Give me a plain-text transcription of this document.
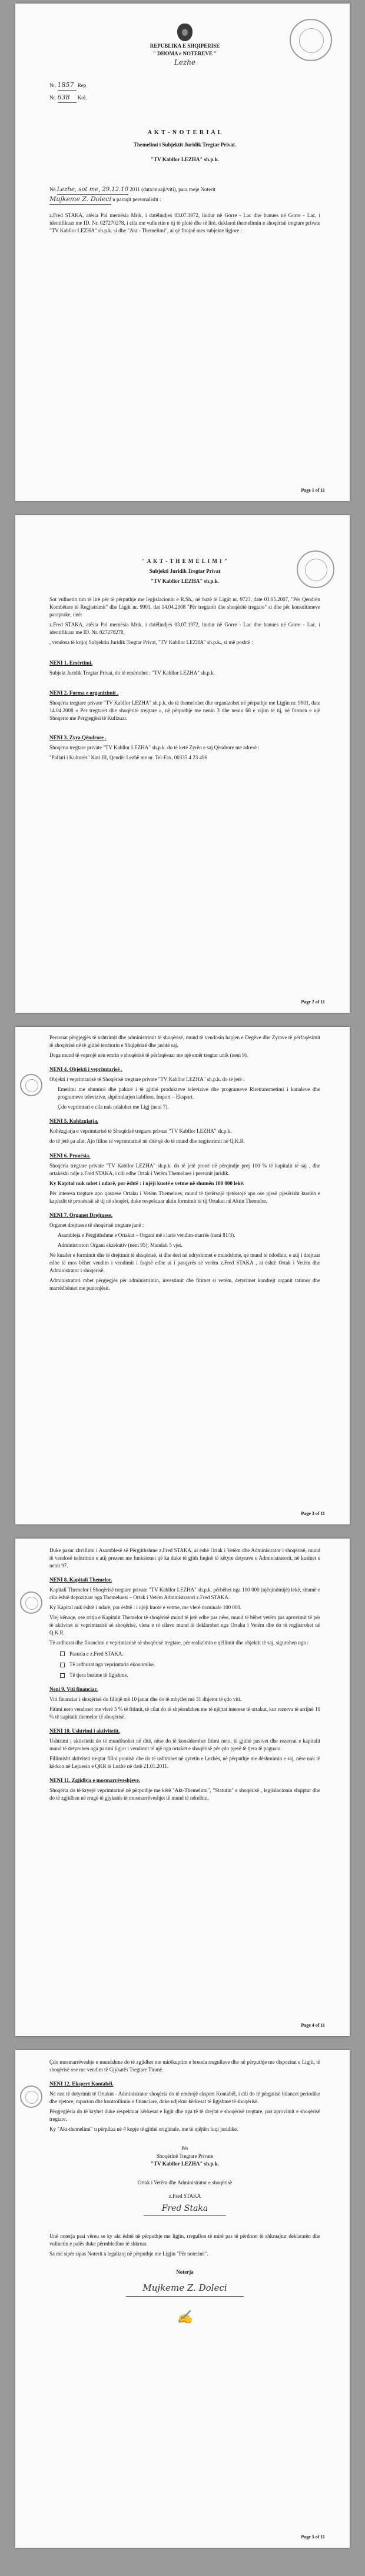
REPUBLIKA E SHQIPERISE
" DHOMA e NOTEREVE "
Lezhe
Nr. 1857 Rep
Nr. 638 Kol.
A K T - N O T E R I A L
Themelimi i Subjektit Juridik Tregtar Privat.
"TV Kabllor LEZHA" sh.p.k.
Në Lezhe, sot me, 29.12.10 2011 (data/muaji/viti), para meje Noterit
Mujkeme Z. Doleci u paraqit personalisht :
z.Fred STAKA, atësia Pal memësia Mrik, i datëlindjes 03.07.1972, lindur në Gorre - Lac dhe banues në Gorre - Lac, i identifikuar me ID. Nr. 027270278, i cila me vullnetin e tij të plotë dhe të lirë, deklaroi themelimin e shoqërisë tregtare private "TV Kabllor LEZHA" sh.p.k. si dhe "Akt - Themelimi", ai që fitojnë mes subjekte ligjore :
Page 1 of 11
" A K T - T H E M E L I M I "
Subjekti Juridik Tregtar Privat
"TV Kabllor LEZHA" sh.p.k.
Sot vullnetin tim të lirë për të përputhje me legjislacionin e R.Sh., në bazë të Ligjit nr. 9723, date 03.05.2007, "Për Qendrën Kombëtare të Regjistrimit" dhe Ligjit nr. 9901, dat 14.04.2008 "Për tregtarët dhe shoqëritë tregtare" si dhe për konsultimeve paraprake, unë:
z.Fred STAKA, atësia Pal memësia Mrik, i datëlindjes 03.07.1972, lindur në Gorre - Lac dhe banues në Gorre - Lac, i identifikuar me ID. Nr. 027270278,
, vendosa të krijoj Subjektin Juridik Tregtar Privat, "TV Kabllor LEZHA" sh.p.k., si më poshtë :
NENI 1. Emërtimi.
Subjekt Juridik Tregtar Privat, do të emërtohet : "TV Kabllor LEZHA" sh.p.k.
NENI 2. Forma e organizimit .
Shoqëria tregtare private "TV Kabllor LEZHA" sh.p.k. do të themelohet dhe organizohet në përputhje me Ligjin nr. 9901, date 14.04.2008 « Për tregtarët dhe shoqëritë tregtare », në përputhje me nenin 3 dhe nenin 68 e vijim të tij, në formën e një Shoqërie me Përgjegjësi të Kufizuar.
NENI 3. Zyra Qëndrore .
Shoqëria tregtare private "TV Kabllor LEZHA" sh.p.k. do të ketë Zyrën e saj Qëndrore me adresë :
"Pallati i Kulturës" Kati III, Qendër Lezhë me nr. Tel-Fax, 00335 4 23 496
Page 2 of 11
Personat përgjegjës të ushtrimit dhe administrimit të shoqërisë, mund të vendosin hapjen e Degëve dhe Zyrave të përfaqësimit të shoqërisë në të gjithë territorin e Shqipërisë dhe jashtë saj.
Dega mund të veprojë nën emrin e shoqërisë të përfaqësuar me një emër tregtar unik (neni 9).
NENI 4. Objekti i veprimtarisë .
Objekti i veprimtarisë të Shoqërisë tregtare private "TV Kabllor LEZHA" sh.p.k. do të jetë :
Emetimi me shumicë dhe pakicë i të gjithë produkteve televizive dhe programeve Riretransmetimi i kanaleve dhe programeve televizive, shpërndarjen kabllore. Import – Eksport.
Çdo veprimtari e cila nuk ndalohet me Ligj (neni 7).
NENI 5. Kohëzgjatja.
Kohëzgjatja e veprimtarisë të Shoqërisë tregtare private "TV Kabllor LEZHA" sh.p.k.
do të jetë pa afat. Ajo fillon të veprimtarinë në ditë që do të mund dhe regjistrimit në Q.K.R.
NENI 6. Pronësia.
Shoqëria tregtare private "TV Kabllor LEZHA" sh.p.k. do të jetë pronë në përqindje prej 100 % të kapitalit të saj , dhe ortakëshi ndje z.Fred STAKA, i cili edhe Ortak i Vetëm Themelues i personit juridik.
Ky Kapital nuk mbet i ndarë, por është : i njëji kuotë e vetme në shumën 100 000 lekë.
Për interesa tregtare apo qasuese Ortaku i Vetëm Themelues, mund të tjetërsojë tjetërsojë apo ose pjesë pjesërisht kuotën e kapitalit të pronësisë së tij në shoqëri, duke respektuar aktin formimit të tij Ortakut në Aktin Themelor.
NENI 7. Organet Drejtuese.
Organet drejtuese të shoqërisë tregtare janë :
Asambleja e Përgjithshme e Ortakut – Organi më i lartë vendim-marrës (neni 81/3).
Administratori Organi ekzekutiv (neni 95); Mandati 5 vjet.
Në kuadër e formimit dhe të drejtimit të shoqërisë, si dhe deri në ndryshimet e mundshme, që mund të ndodhin, e atij i drejtuar edhe të mos bëhet vendim i vendimit i fuqisë edhe ai i pasqyrës së vetëm z.Fred STAKA , ai është Ortak i Vetëm dhe Administrator i shoqërisë.
Administratori mbet përgjegjës për administrimin, investimit dhe fitimet si vetëm, detyrimet kundrejt organit tatimor dhe marrëdhëniet me punonjësit.
Page 3 of 11
Duke pasur zhvillimi i Asamblesë së Përgjithshme z.Fred STAKA, ai ëshë Ortak i Vetëm dhe Administrator i shoqërisë, mund të vendosë ushtrimin e atij prezent me funksionet që ka duke të gjith fuqinë të këtyre detyrave e Administratorit, në kushtet e nenit 97.
NENI 8. Kapitali Themelor.
Kapitali Themelor i Shoqërisë tregtare private "TV Kabllor LEZHA" sh.p.k. përbëhet nga 100 000 (njëqindmijë) lekë, shumë e cila është depozituar nga Themeluesi – Ortak i Vetëm Administratori z.Fred STAKA .
Ky Kapital nuk është i ndarë, por është : i njëji kuotë e vetme, me vlerë nominale 100 000.
Vlej kënaqe, ose rritja e Kapitalit Themelor të shoqërisë mund të jetë edhe pas nëse, mund të bëhet vetëm pas aprovimit të për të aktivitet të veprimtarisë së shoqërisë, vlera e të cilave mund të deklarohet nga Ortaku i Vetëm dhe do të regjistrohet në Q.K.R.
Të ardhurat dhe financimi e veprimtarisë së shoqërisë tregtare, për realizimin e qëllimit dhe objektit të saj, sigurohen nga :
Pasuria e z.Fred STAKA.
Të ardhurat nga veprimtaria ekonomike.
Të tjera burime të ligjshme.
Neni 9. Viti financiar.
Viti financiar i shoqërisë do fillojë më 10 janar dhe do të mbyllet më 31 dhjetor të çdo viti.
Fitimi neto vendoset me vlerë 5 % të fitimit, të cilat do të shpërndahen me të njëjtat interese të ortakut, kur rezerva të arrijnë 10 % të kapitalit themelor të shoqërisë.
NENI 10. Ushtrimi i aktivitetit.
Ushtrimi i aktivitetit do të mundësohet në ditë, nëse do të konsiderohet fitimi neto, të gjithë pasivet dhe rezervat e kapitalit mund të detyrohen nga parimi ligjor i vendimit të një nga ortakët e shoqërisë për çdo pjesë të tjera të paguara.
Fillimisht aktiviteti tregtar filloi pranish dhe do të ushtrohet në qytetin e Lezhës, në përputhje me dëshmimin e saj, nëse nuk të kërkon në Lejuesin e QKR të Lezhë në datë 21.01.2011.
NENI 11. Zgjidhja e mosmarrëveshjeve.
Shoqëria do të kryejë veprimtarinë në përputhje me këtë "Akt-Themelimi", "Statutin" e shoqërisë , legjislacionin shqiptar dhe do të zgjidhen në rrugë të gjykatës të mosmarrëveshjet të mund të ndodhin.
Page 4 of 11
Çdo mosmarrëveshje e mundshme do të zgjidhet me mirëkuptim e brenda rregullave dhe në përputhje me dispozitat e Ligjit, të shoqërisë ose me vendim të Gjykatës Tregtare Tiranë.
NENI 12. Ekspert Kontabël.
Në rast të detyrimit të Ortakut - Administrator shoqëria do të emërojë ekspert Kontabël, i cili do të përgatisë bilancet periodike dhe vjetore, raporton dhe kontrollimin e financiare, duke ndjekur kërkesat të ligjshme të shoqërisë.
Përgjegjësia do të kryhet duke respektuar kërkesat e ligjit dhe nga të të drejtat e shoqërisë tregtare, pas aprovimit e shoqërisë tregtare.
Ky "Akt-themelimi" u përpilua në 4 kopje të gjithë origjinale, me të njëjtën fuqi juridike.
Për
Shoqërinë Tregtare Private
"TV Kabllor LEZHA" sh.p.k.
Ortak i Vetëm dhe Administrator e shoqërisë
z.Fred STAKA
Fred Staka
Unë noterja pasi vëreu se ky akt është në përputhje me ligjin, rregullon të mirë pas të përdoret të shkruajtur deklaratën dhe vullnetin e palës duke përmbledhur të shkruar.
Sa më sipër sipas Noterit a legalizoj në përputhje me Ligjin "Për noterinë".
Noterja
Mujkeme Z. Doleci
✍
Page 5 of 11
